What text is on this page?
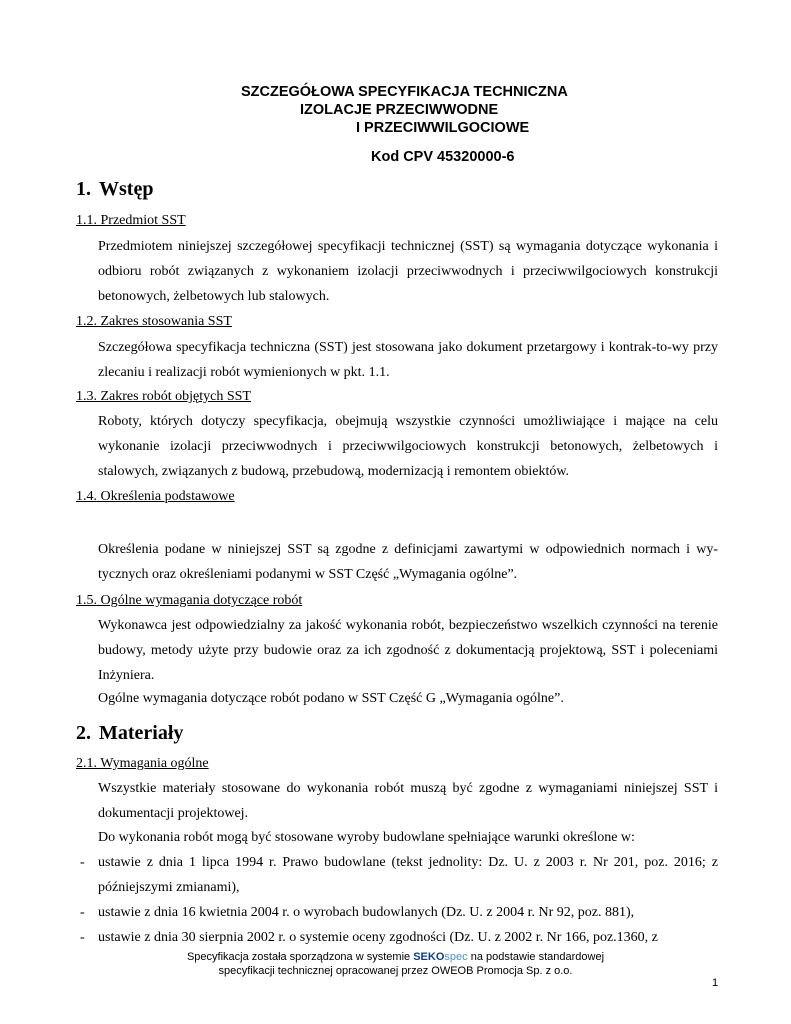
SZCZEGÓŁOWA SPECYFIKACJA TECHNICZNA
IZOLACJE PRZECIWWODNE
I PRZECIWWILGOCIOWE
Kod CPV 45320000-6
1. Wstęp
1.1. Przedmiot SST
Przedmiotem niniejszej szczegółowej specyfikacji technicznej (SST) są wymagania dotyczące wykonania i odbioru robót związanych z wykonaniem izolacji przeciwwodnych i przeciwwilgociowych konstrukcji betonowych, żelbetowych lub stalowych.
1.2. Zakres stosowania SST
Szczegółowa specyfikacja techniczna (SST) jest stosowana jako dokument przetargowy i kontrak-to-wy przy zlecaniu i realizacji robót wymienionych w pkt. 1.1.
1.3. Zakres robót objętych SST
Roboty, których dotyczy specyfikacja, obejmują wszystkie czynności umożliwiające i mające na celu wykonanie izolacji przeciwwodnych i przeciwwilgociowych konstrukcji betonowych, żelbetowych i stalowych, związanych z budową, przebudową, modernizacją i remontem obiektów.
1.4. Określenia podstawowe
Określenia podane w niniejszej SST są zgodne z definicjami zawartymi w odpowiednich normach i wy-tycznych oraz określeniami podanymi w SST Część „Wymagania ogólne”.
1.5. Ogólne wymagania dotyczące robót
Wykonawca jest odpowiedzialny za jakość wykonania robót, bezpieczeństwo wszelkich czynności na terenie budowy, metody użyte przy budowie oraz za ich zgodność z dokumentacją projektową, SST i poleceniami Inżyniera.
Ogólne wymagania dotyczące robót podano w SST Część G „Wymagania ogólne”.
2. Materiały
2.1. Wymagania ogólne
Wszystkie materiały stosowane do wykonania robót muszą być zgodne z wymaganiami niniejszej SST i dokumentacji projektowej.
Do wykonania robót mogą być stosowane wyroby budowlane spełniające warunki określone w:
- ustawie z dnia 1 lipca 1994 r. Prawo budowlane (tekst jednolity: Dz. U. z 2003 r. Nr 201, poz. 2016; z późniejszymi zmianami),
- ustawie z dnia 16 kwietnia 2004 r. o wyrobach budowlanych (Dz. U. z 2004 r. Nr 92, poz. 881),
- ustawie z dnia 30 sierpnia 2002 r. o systemie oceny zgodności (Dz. U. z 2002 r. Nr 166, poz.1360, z
Specyfikacja została sporządzona w systemie SEKOspec na podstawie standardowej
specyfikacji technicznej opracowanej przez OWEOB Promocja Sp. z o.o.
1
